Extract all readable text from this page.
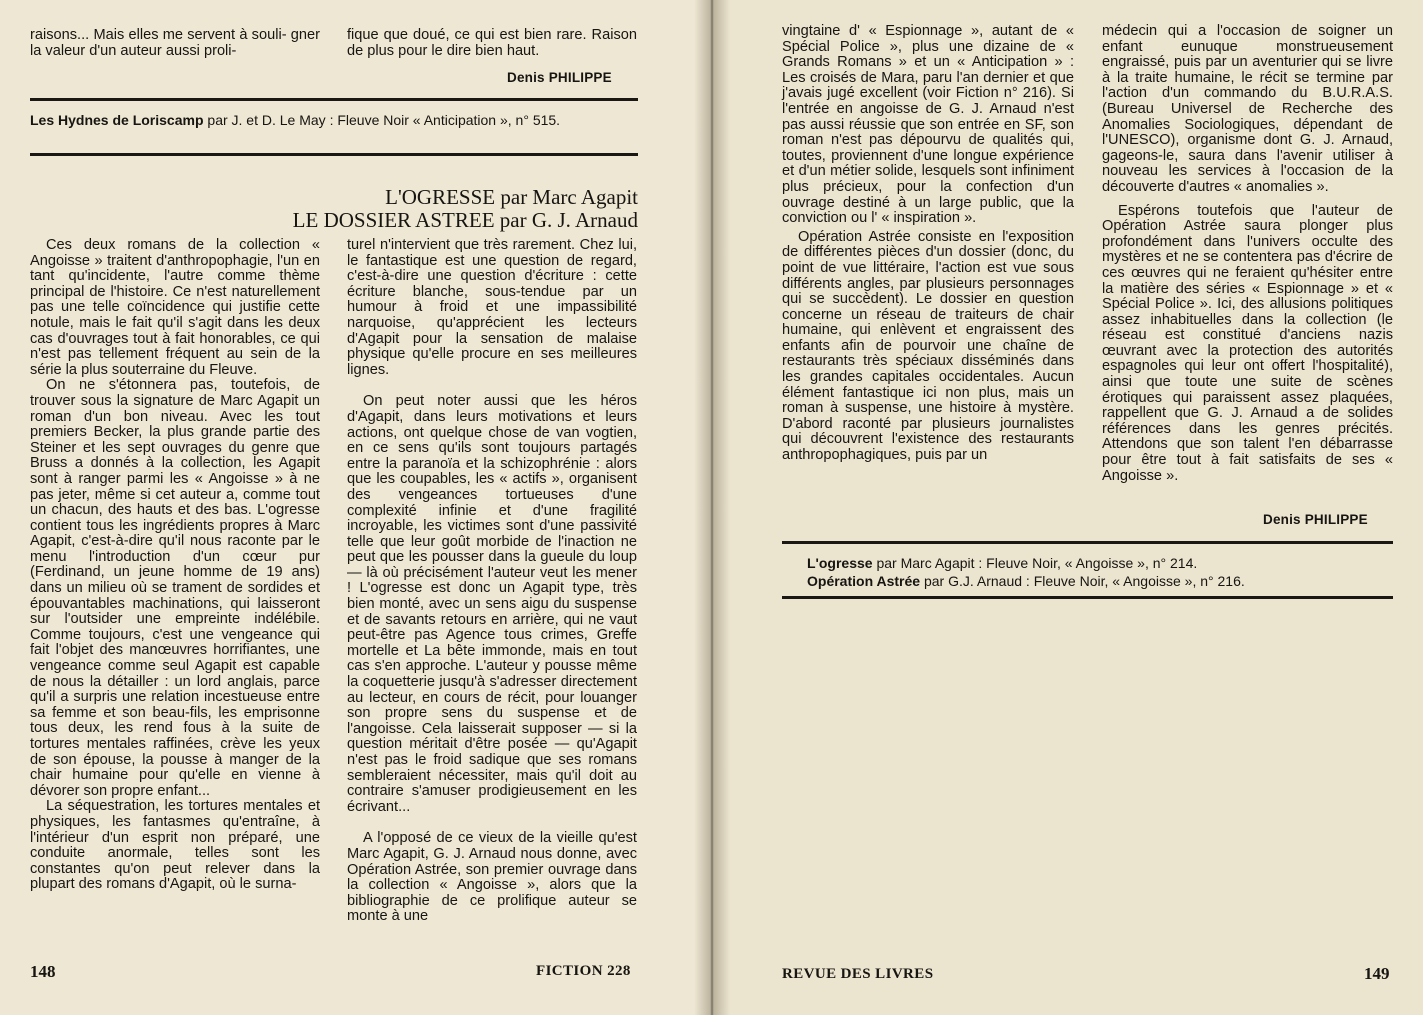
raisons... Mais elles me servent à souli- gner la valeur d'un auteur aussi proli-

fique que doué, ce qui est bien rare. Raison de plus pour le dire bien haut.

Denis PHILIPPE
Les Hydnes de Loriscamp par J. et D. Le May : Fleuve Noir « Anticipation », n° 515.
L'OGRESSE par Marc Agapit
LE DOSSIER ASTREE par G. J. Arnaud

Ces deux romans de la collection « Angoisse » traitent d'anthropophagie, l'un en tant qu'incidente, l'autre comme thème principal de l'histoire. Ce n'est naturellement pas une telle coïncidence qui justifie cette notule, mais le fait qu'il s'agit dans les deux cas d'ouvrages tout à fait honorables, ce qui n'est pas tellement fréquent au sein de la série la plus souterraine du Fleuve.

On ne s'étonnera pas, toutefois, de trouver sous la signature de Marc Agapit un roman d'un bon niveau. Avec les tout premiers Becker, la plus grande partie des Steiner et les sept ouvrages du genre que Bruss a donnés à la collection, les Agapit sont à ranger parmi les « Angoisse » à ne pas jeter, même si cet auteur a, comme tout un chacun, des hauts et des bas. L'ogresse contient tous les ingrédients propres à Marc Agapit, c'est-à-dire qu'il nous raconte par le menu l'introduction d'un cœur pur (Ferdinand, un jeune homme de 19 ans) dans un milieu où se trament de sordides et épouvantables machinations, qui laisseront sur l'outsider une empreinte indélébile. Comme toujours, c'est une vengeance qui fait l'objet des manœuvres horrifiantes, une vengeance comme seul Agapit est capable de nous la détailler : un lord anglais, parce qu'il a surpris une relation incestueuse entre sa femme et son beau-fils, les emprisonne tous deux, les rend fous à la suite de tortures mentales raffinées, crève les yeux de son épouse, la pousse à manger de la chair humaine pour qu'elle en vienne à dévorer son propre enfant...

La séquestration, les tortures mentales et physiques, les fantasmes qu'entraîne, à l'intérieur d'un esprit non préparé, une conduite anormale, telles sont les constantes qu'on peut relever dans la plupart des romans d'Agapit, où le surna-

turel n'intervient que très rarement. Chez lui, le fantastique est une question de regard, c'est-à-dire une question d'écriture : cette écriture blanche, sous-tendue par un humour à froid et une impassibilité narquoise, qu'apprécient les lecteurs d'Agapit pour la sensation de malaise physique qu'elle procure en ses meilleures lignes.

On peut noter aussi que les héros d'Agapit, dans leurs motivations et leurs actions, ont quelque chose de van vogtien, en ce sens qu'ils sont toujours partagés entre la paranoïa et la schizophrénie : alors que les coupables, les « actifs », organisent des vengeances tortueuses d'une complexité infinie et d'une fragilité incroyable, les victimes sont d'une passivité telle que leur goût morbide de l'inaction ne peut que les pousser dans la gueule du loup — là où précisément l'auteur veut les mener ! L'ogresse est donc un Agapit type, très bien monté, avec un sens aigu du suspense et de savants retours en arrière, qui ne vaut peut-être pas Agence tous crimes, Greffe mortelle et La bête immonde, mais en tout cas s'en approche. L'auteur y pousse même la coquetterie jusqu'à s'adresser directement au lecteur, en cours de récit, pour louanger son propre sens du suspense et de l'angoisse. Cela laisserait supposer — si la question méritait d'être posée — qu'Agapit n'est pas le froid sadique que ses romans sembleraient nécessiter, mais qu'il doit au contraire s'amuser prodigieusement en les écrivant...

A l'opposé de ce vieux de la vieille qu'est Marc Agapit, G. J. Arnaud nous donne, avec Opération Astrée, son premier ouvrage dans la collection « Angoisse », alors que la bibliographie de ce prolifique auteur se monte à une

148	FICTION 228

vingtaine d' « Espionnage », autant de « Spécial Police », plus une dizaine de « Grands Romans » et un « Anticipation » : Les croisés de Mara, paru l'an dernier et que j'avais jugé excellent (voir Fiction n° 216). Si l'entrée en angoisse de G. J. Arnaud n'est pas aussi réussie que son entrée en SF, son roman n'est pas dépourvu de qualités qui, toutes, proviennent d'une longue expérience et d'un métier solide, lesquels sont infiniment plus précieux, pour la confection d'un ouvrage destiné à un large public, que la conviction ou l' « inspiration ».

Opération Astrée consiste en l'exposition de différentes pièces d'un dossier (donc, du point de vue littéraire, l'action est vue sous différents angles, par plusieurs personnages qui se succèdent). Le dossier en question concerne un réseau de traiteurs de chair humaine, qui enlèvent et engraissent des enfants afin de pourvoir une chaîne de restaurants très spéciaux disséminés dans les grandes capitales occidentales. Aucun élément fantastique ici non plus, mais un roman à suspense, une histoire à mystère. D'abord raconté par plusieurs journalistes qui découvrent l'existence des restaurants anthropophagiques, puis par un

médecin qui a l'occasion de soigner un enfant eunuque monstrueusement engraissé, puis par un aventurier qui se livre à la traite humaine, le récit se termine par l'action d'un commando du B.U.R.A.S. (Bureau Universel de Recherche des Anomalies Sociologiques, dépendant de l'UNESCO), organisme dont G. J. Arnaud, gageons-le, saura dans l'avenir utiliser à nouveau les services à l'occasion de la découverte d'autres « anomalies ».

Espérons toutefois que l'auteur de Opération Astrée saura plonger plus profondément dans l'univers occulte des mystères et ne se contentera pas d'écrire de ces œuvres qui ne feraient qu'hésiter entre la matière des séries « Espionnage » et « Spécial Police ». Ici, des allusions politiques assez inhabituelles dans la collection (le réseau est constitué d'anciens nazis œuvrant avec la protection des autorités espagnoles qui leur ont offert l'hospitalité), ainsi que toute une suite de scènes érotiques qui paraissent assez plaquées, rappellent que G. J. Arnaud a de solides références dans les genres précités. Attendons que son talent l'en débarrasse pour être tout à fait satisfaits de ses « Angoisse ».

Denis PHILIPPE
L'ogresse par Marc Agapit : Fleuve Noir, « Angoisse », n° 214.
Opération Astrée par G.J. Arnaud : Fleuve Noir, « Angoisse », n° 216.
REVUE DES LIVRES	149
